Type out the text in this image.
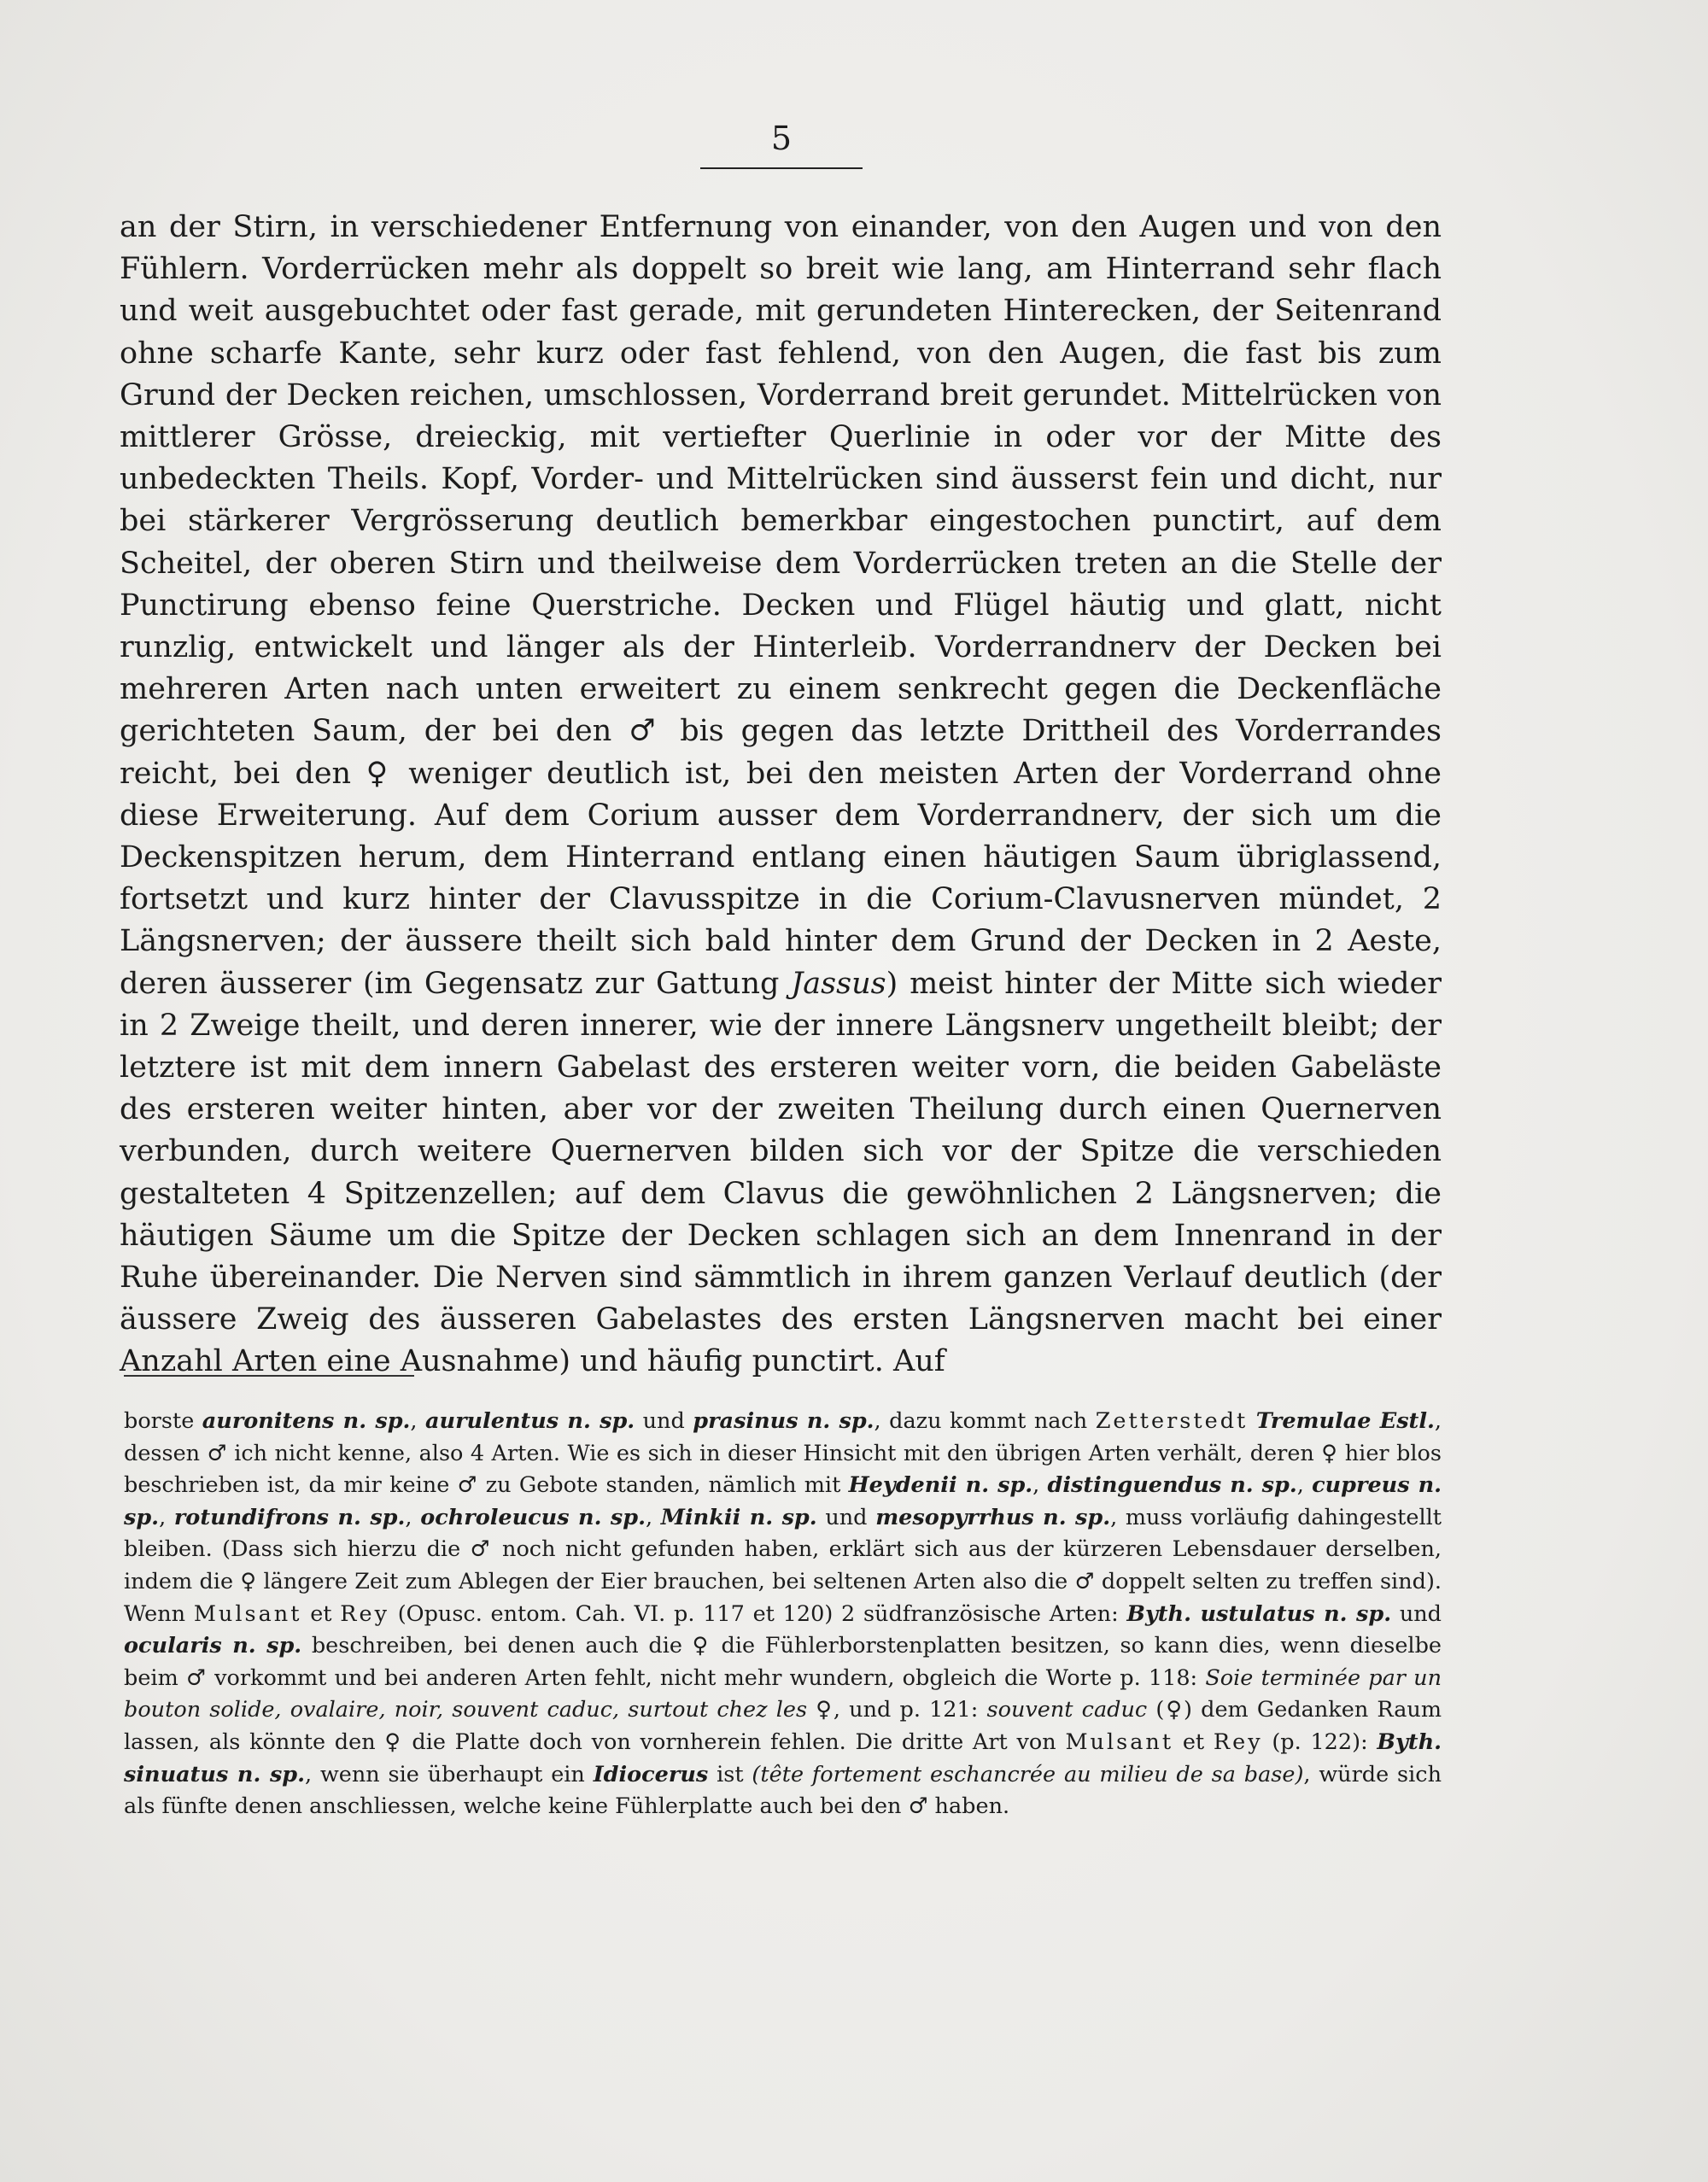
5

an der Stirn, in verschiedener Entfernung von einander, von den Augen und von den Fühlern. Vorderrücken mehr als doppelt so breit wie lang, am Hinterrand sehr flach und weit ausgebuchtet oder fast gerade, mit gerundeten Hinterecken, der Seitenrand ohne scharfe Kante, sehr kurz oder fast fehlend, von den Augen, die fast bis zum Grund der Decken reichen, umschlossen, Vorderrand breit gerundet. Mittelrücken von mittlerer Grösse, dreieckig, mit vertiefter Querlinie in oder vor der Mitte des unbedeckten Theils. Kopf, Vorder- und Mittelrücken sind äusserst fein und dicht, nur bei stärkerer Vergrösserung deutlich bemerkbar eingestochen punctirt, auf dem Scheitel, der oberen Stirn und theilweise dem Vorderrücken treten an die Stelle der Punctirung ebenso feine Querstriche. Decken und Flügel häutig und glatt, nicht runzlig, entwickelt und länger als der Hinterleib. Vorderrandnerv der Decken bei mehreren Arten nach unten erweitert zu einem senkrecht gegen die Deckenfläche gerichteten Saum, der bei den ♂ bis gegen das letzte Drittheil des Vorderrandes reicht, bei den ♀ weniger deutlich ist, bei den meisten Arten der Vorderrand ohne diese Erweiterung. Auf dem Corium ausser dem Vorderrandnerv, der sich um die Deckenspitzen herum, dem Hinterrand entlang einen häutigen Saum übriglassend, fortsetzt und kurz hinter der Clavusspitze in die Corium-Clavusnerven mündet, 2 Längsnerven; der äussere theilt sich bald hinter dem Grund der Decken in 2 Aeste, deren äusserer (im Gegensatz zur Gattung Jassus) meist hinter der Mitte sich wieder in 2 Zweige theilt, und deren innerer, wie der innere Längsnerv ungetheilt bleibt; der letztere ist mit dem innern Gabelast des ersteren weiter vorn, die beiden Gabeläste des ersteren weiter hinten, aber vor der zweiten Theilung durch einen Quernerven verbunden, durch weitere Quernerven bilden sich vor der Spitze die verschieden gestalteten 4 Spitzenzellen; auf dem Clavus die gewöhnlichen 2 Längsnerven; die häutigen Säume um die Spitze der Decken schlagen sich an dem Innenrand in der Ruhe übereinander. Die Nerven sind sämmtlich in ihrem ganzen Verlauf deutlich (der äussere Zweig des äusseren Gabelastes des ersten Längsnerven macht bei einer Anzahl Arten eine Ausnahme) und häufig punctirt. Auf

borste auronitens n. sp., aurulentus n. sp. und prasinus n. sp., dazu kommt nach Zetterstedt Tremulae Estl., dessen ♂ ich nicht kenne, also 4 Arten. Wie es sich in dieser Hinsicht mit den übrigen Arten verhält, deren ♀ hier blos beschrieben ist, da mir keine ♂ zu Gebote standen, nämlich mit Heydenii n. sp., distinguendus n. sp., cupreus n. sp., rotundifrons n. sp., ochroleucus n. sp., Minkii n. sp. und mesopyrrhus n. sp., muss vorläufig dahingestellt bleiben. (Dass sich hierzu die ♂ noch nicht gefunden haben, erklärt sich aus der kürzeren Lebensdauer derselben, indem die ♀ längere Zeit zum Ablegen der Eier brauchen, bei seltenen Arten also die ♂ doppelt selten zu treffen sind). Wenn Mulsant et Rey (Opusc. entom. Cah. VI. p. 117 et 120) 2 südfranzösische Arten: Byth. ustulatus n. sp. und ocularis n. sp. beschreiben, bei denen auch die ♀ die Fühlerborstenplatten besitzen, so kann dies, wenn dieselbe beim ♂ vorkommt und bei anderen Arten fehlt, nicht mehr wundern, obgleich die Worte p. 118: Soie terminée par un bouton solide, ovalaire, noir, souvent caduc, surtout chez les ♀, und p. 121: souvent caduc (♀) dem Gedanken Raum lassen, als könnte den ♀ die Platte doch von vornherein fehlen. Die dritte Art von Mulsant et Rey (p. 122): Byth. sinuatus n. sp., wenn sie überhaupt ein Idiocerus ist (tête fortement eschancrée au milieu de sa base), würde sich als fünfte denen anschliessen, welche keine Fühlerplatte auch bei den ♂ haben.
